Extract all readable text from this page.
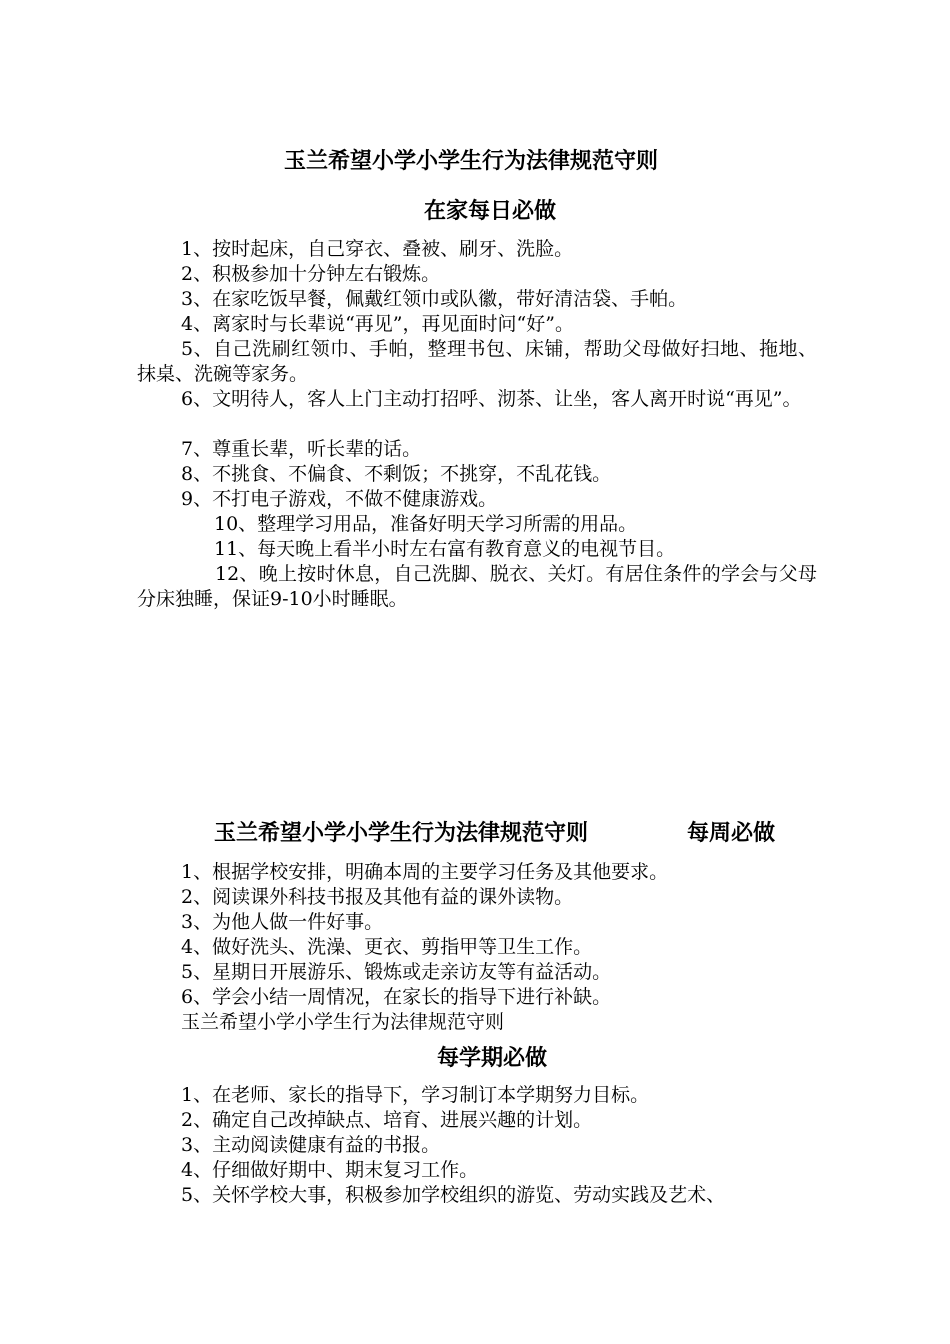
玉兰希望小学小学生行为法律规范守则
在家每日必做
1、按时起床，自己穿衣、叠被、刷牙、洗脸。
2、积极参加十分钟左右锻炼。
3、在家吃饭早餐，佩戴红领巾或队徽，带好清洁袋、手帕。
4、离家时与长辈说“再见”，再见面时问“好”。
5、自己洗刷红领巾、手帕，整理书包、床铺，帮助父母做好扫地、拖地、抹桌、洗碗等家务。
6、文明待人，客人上门主动打招呼、沏茶、让坐，客人离开时说“再见”。
7、尊重长辈，听长辈的话。
8、不挑食、不偏食、不剩饭；不挑穿，不乱花钱。
9、不打电子游戏，不做不健康游戏。
10、整理学习用品，准备好明天学习所需的用品。
11、每天晚上看半小时左右富有教育意义的电视节目。
12、晚上按时休息，自己洗脚、脱衣、关灯。有居住条件的学会与父母分床独睡，保证9-10小时睡眠。
玉兰希望小学小学生行为法律规范守则	每周必做
1、根据学校安排，明确本周的主要学习任务及其他要求。
2、阅读课外科技书报及其他有益的课外读物。
3、为他人做一件好事。
4、做好洗头、洗澡、更衣、剪指甲等卫生工作。
5、星期日开展游乐、锻炼或走亲访友等有益活动。
6、学会小结一周情况，在家长的指导下进行补缺。
玉兰希望小学小学生行为法律规范守则
每学期必做
1、在老师、家长的指导下，学习制订本学期努力目标。
2、确定自己改掉缺点、培育、进展兴趣的计划。
3、主动阅读健康有益的书报。
4、仔细做好期中、期末复习工作。
5、关怀学校大事，积极参加学校组织的游览、劳动实践及艺术、
